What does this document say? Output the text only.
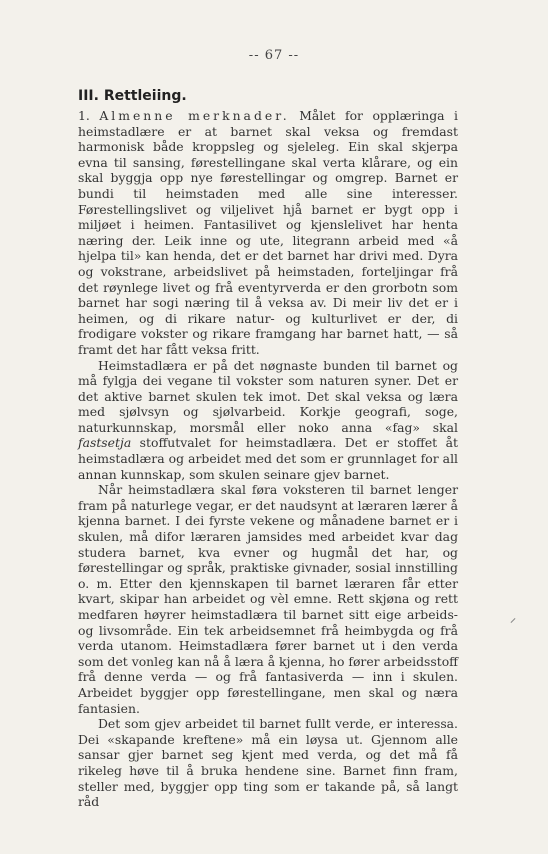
-- 67 --
III. Rettleiing.

1. Almenne merknader. Målet for opplæringa i heimstadlære er at barnet skal veksa og fremdast harmonisk både kroppsleg og sjeleleg. Ein skal skjerpa evna til sansing, førestellingane skal verta klårare, og ein skal byggja opp nye førestellingar og omgrep. Barnet er bundi til heimstaden med alle sine interesser. Førestellingslivet og viljelivet hjå barnet er bygt opp i miljøet i heimen. Fantasilivet og kjenslelivet har henta næring der. Leik inne og ute, litegrann arbeid med «å hjelpa til» kan henda, det er det barnet har drivi med. Dyra og vokstrane, arbeidslivet på heimstaden, forteljingar frå det røynlege livet og frå eventyrverda er den grorbotn som barnet har sogi næring til å veksa av. Di meir liv det er i heimen, og di rikare natur- og kulturlivet er der, di frodigare vokster og rikare framgang har barnet hatt, — så framt det har fått veksa fritt.

Heimstadlæra er på det nøgnaste bunden til barnet og må fylgja dei vegane til vokster som naturen syner. Det er det aktive barnet skulen tek imot. Det skal veksa og læra med sjølvsyn og sjølvarbeid. Korkje geografi, soge, naturkunnskap, morsmål eller noko anna «fag» skal fastsetja stoffutvalet for heimstadlæra. Det er stoffet åt heimstadlæra og arbeidet med det som er grunnlaget for all annan kunnskap, som skulen seinare gjev barnet.

Når heimstadlæra skal føra voksteren til barnet lenger fram på naturlege vegar, er det naudsynt at læraren lærer å kjenna barnet. I dei fyrste vekene og månadene barnet er i skulen, må difor læraren jamsides med arbeidet kvar dag studera barnet, kva evner og hugmål det har, og førestellingar og språk, praktiske givnader, sosial innstilling o. m. Etter den kjennskapen til barnet læraren får etter kvart, skipar han arbeidet og vèl emne. Rett skjøna og rett medfaren høyrer heimstadlæra til barnet sitt eige arbeids- og livsområde. Ein tek arbeidsemnet frå heimbygda og frå verda utanom. Heimstadlæra fører barnet ut i den verda som det vonleg kan nå å læra å kjenna, ho fører arbeidsstoff frå denne verda — og frå fantasiverda — inn i skulen. Arbeidet byggjer opp førestellingane, men skal og næra fantasien.

Det som gjev arbeidet til barnet fullt verde, er interessa. Dei «skapande kreftene» må ein løysa ut. Gjennom alle sansar gjer barnet seg kjent med verda, og det må få rikeleg høve til å bruka hendene sine. Barnet finn fram, steller med, byggjer opp ting som er takande på, så langt råd
